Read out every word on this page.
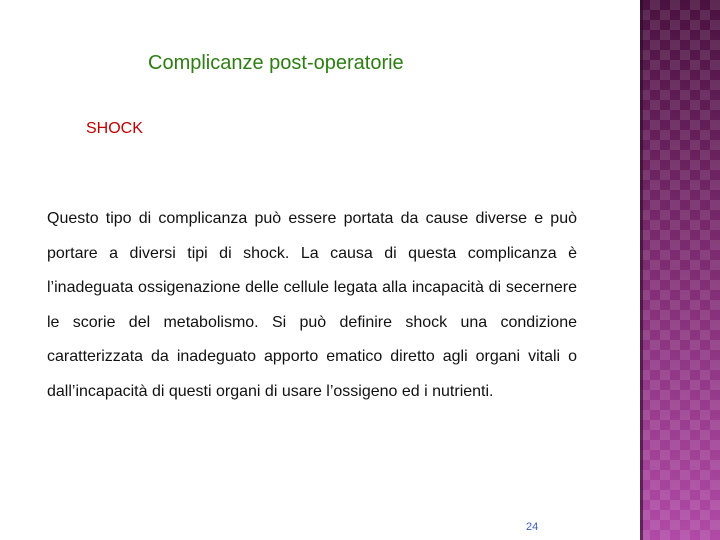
Complicanze post-operatorie
SHOCK

Questo tipo di complicanza può essere portata da cause diverse e può portare a diversi tipi di shock. La causa di questa complicanza è l’inadeguata ossigenazione delle cellule legata alla incapacità di secernere le scorie del metabolismo. Si può definire shock una condizione caratterizzata da inadeguato apporto ematico diretto agli organi vitali o dall’incapacità di questi organi di usare l’ossigeno ed i nutrienti.

24
